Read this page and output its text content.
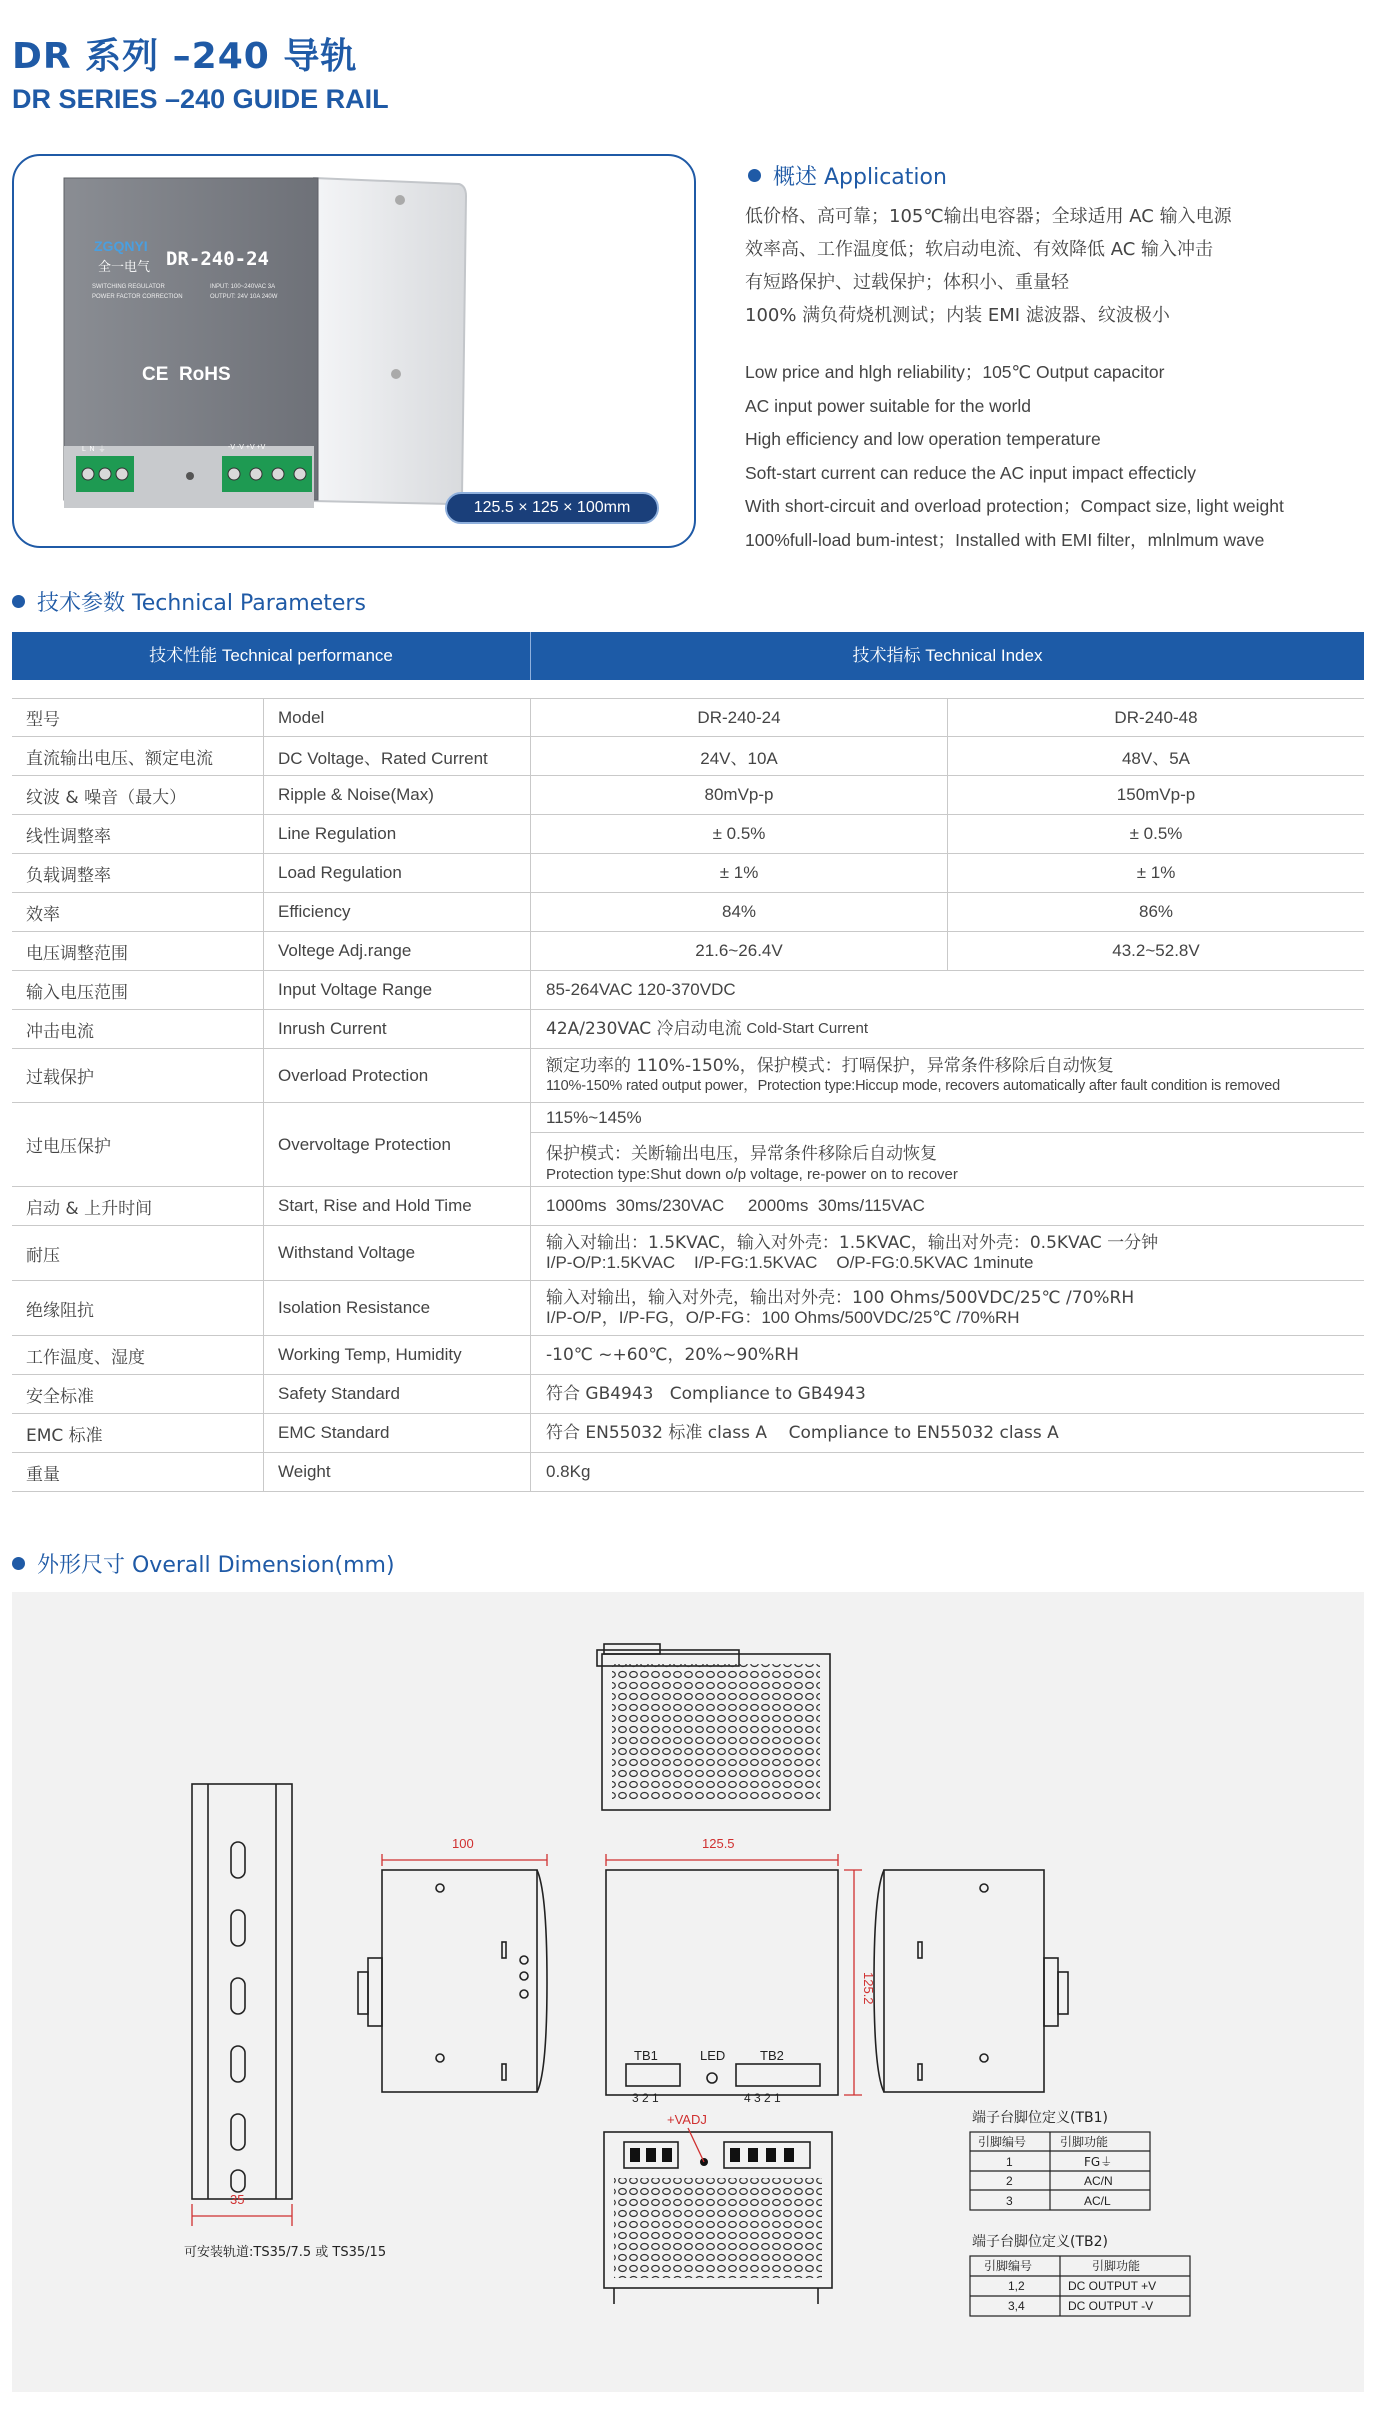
DR 系列 –240 导轨
DR SERIES –240 GUIDE RAIL
ZGQNYI
全一电气 DR-240-24
SWITCHING REGULATOR
POWER FACTOR CORRECTION
INPUT: 100~240VAC 3A
OUTPUT: 24V 10A 240W
CE  RoHS
L  N  ⏚	-V -V +V +V
125.5 × 125 × 100mm
概述 Application
低价格、高可靠；105℃输出电容器；全球适用 AC 输入电源
效率高、工作温度低；软启动电流、有效降低 AC 输入冲击
有短路保护、过载保护；体积小、重量轻
100% 满负荷烧机测试；内装 EMI 滤波器、纹波极小
Low price and hlgh reliability；105℃ Output capacitor
AC input power suitable for the world
High efficiency and low operation temperature
Soft-start current can reduce the AC input impact effecticly
With short-circuit and overload protection；Compact size, light weight
100%full-load bum-intest；Installed with EMI filter，mlnlmum wave
技术参数 Technical Parameters
技术性能 Technical performance	技术指标 Technical Index
型号	Model	DR-240-24	DR-240-48
直流输出电压、额定电流	DC Voltage、Rated Current	24V、10A	48V、5A
纹波 & 噪音（最大）	Ripple & Noise(Max)	80mVp-p	150mVp-p
线性调整率	Line Regulation	± 0.5%	± 0.5%
负载调整率	Load Regulation	± 1%	± 1%
效率	Efficiency	84%	86%
电压调整范围	Voltege Adj.range	21.6~26.4V	43.2~52.8V
输入电压范围	Input Voltage Range	85-264VAC 120-370VDC
冲击电流	Inrush Current	42A/230VAC 冷启动电流
Cold-Start Current
过载保护	Overload Protection	额定功率的 110%-150%，保护模式：打嗝保护，异常条件移除后自动恢复
110%-150% rated output power，Protection type:Hiccup mode, recovers automatically after fault condition is removed
过电压保护	Overvoltage Protection
115%~145%
保护模式：关断输出电压，异常条件移除后自动恢复
Protection type:Shut down o/p voltage, re-power on to recover
启动 & 上升时间	Start, Rise and Hold Time	1000ms  30ms/230VAC     2000ms  30ms/115VAC
耐压	Withstand Voltage	输入对输出：1.5KVAC，输入对外壳：1.5KVAC，输出对外壳：0.5KVAC 一分钟
I/P-O/P:1.5KVAC    I/P-FG:1.5KVAC    O/P-FG:0.5KVAC 1minute
绝缘阻抗	Isolation Resistance	输入对输出，输入对外壳，输出对外壳：100 Ohms/500VDC/25℃ /70%RH
I/P-O/P，I/P-FG，O/P-FG：100 Ohms/500VDC/25℃ /70%RH
工作温度、湿度	Working Temp, Humidity	-10℃ ~+60℃，20%~90%RH
安全标准	Safety Standard	符合 GB4943   Compliance to GB4943
EMC 标准	EMC Standard	符合 EN55032 标准 class A    Compliance to EN55032 class A
重量	Weight	0.8Kg
外形尺寸 Overall Dimension(mm)
35
可安装轨道:TS35/7.5 或 TS35/15
100	125.5
125.2
+VADJ
TB1
3 2 1
LED	TB2
4 3 2 1
端子台脚位定义(TB1)
引脚编号	引脚功能
1	FG⏚
2	AC/N
3	AC/L
端子台脚位定义(TB2)
引脚编号	引脚功能
1,2	DC OUTPUT +V
3,4	DC OUTPUT -V
